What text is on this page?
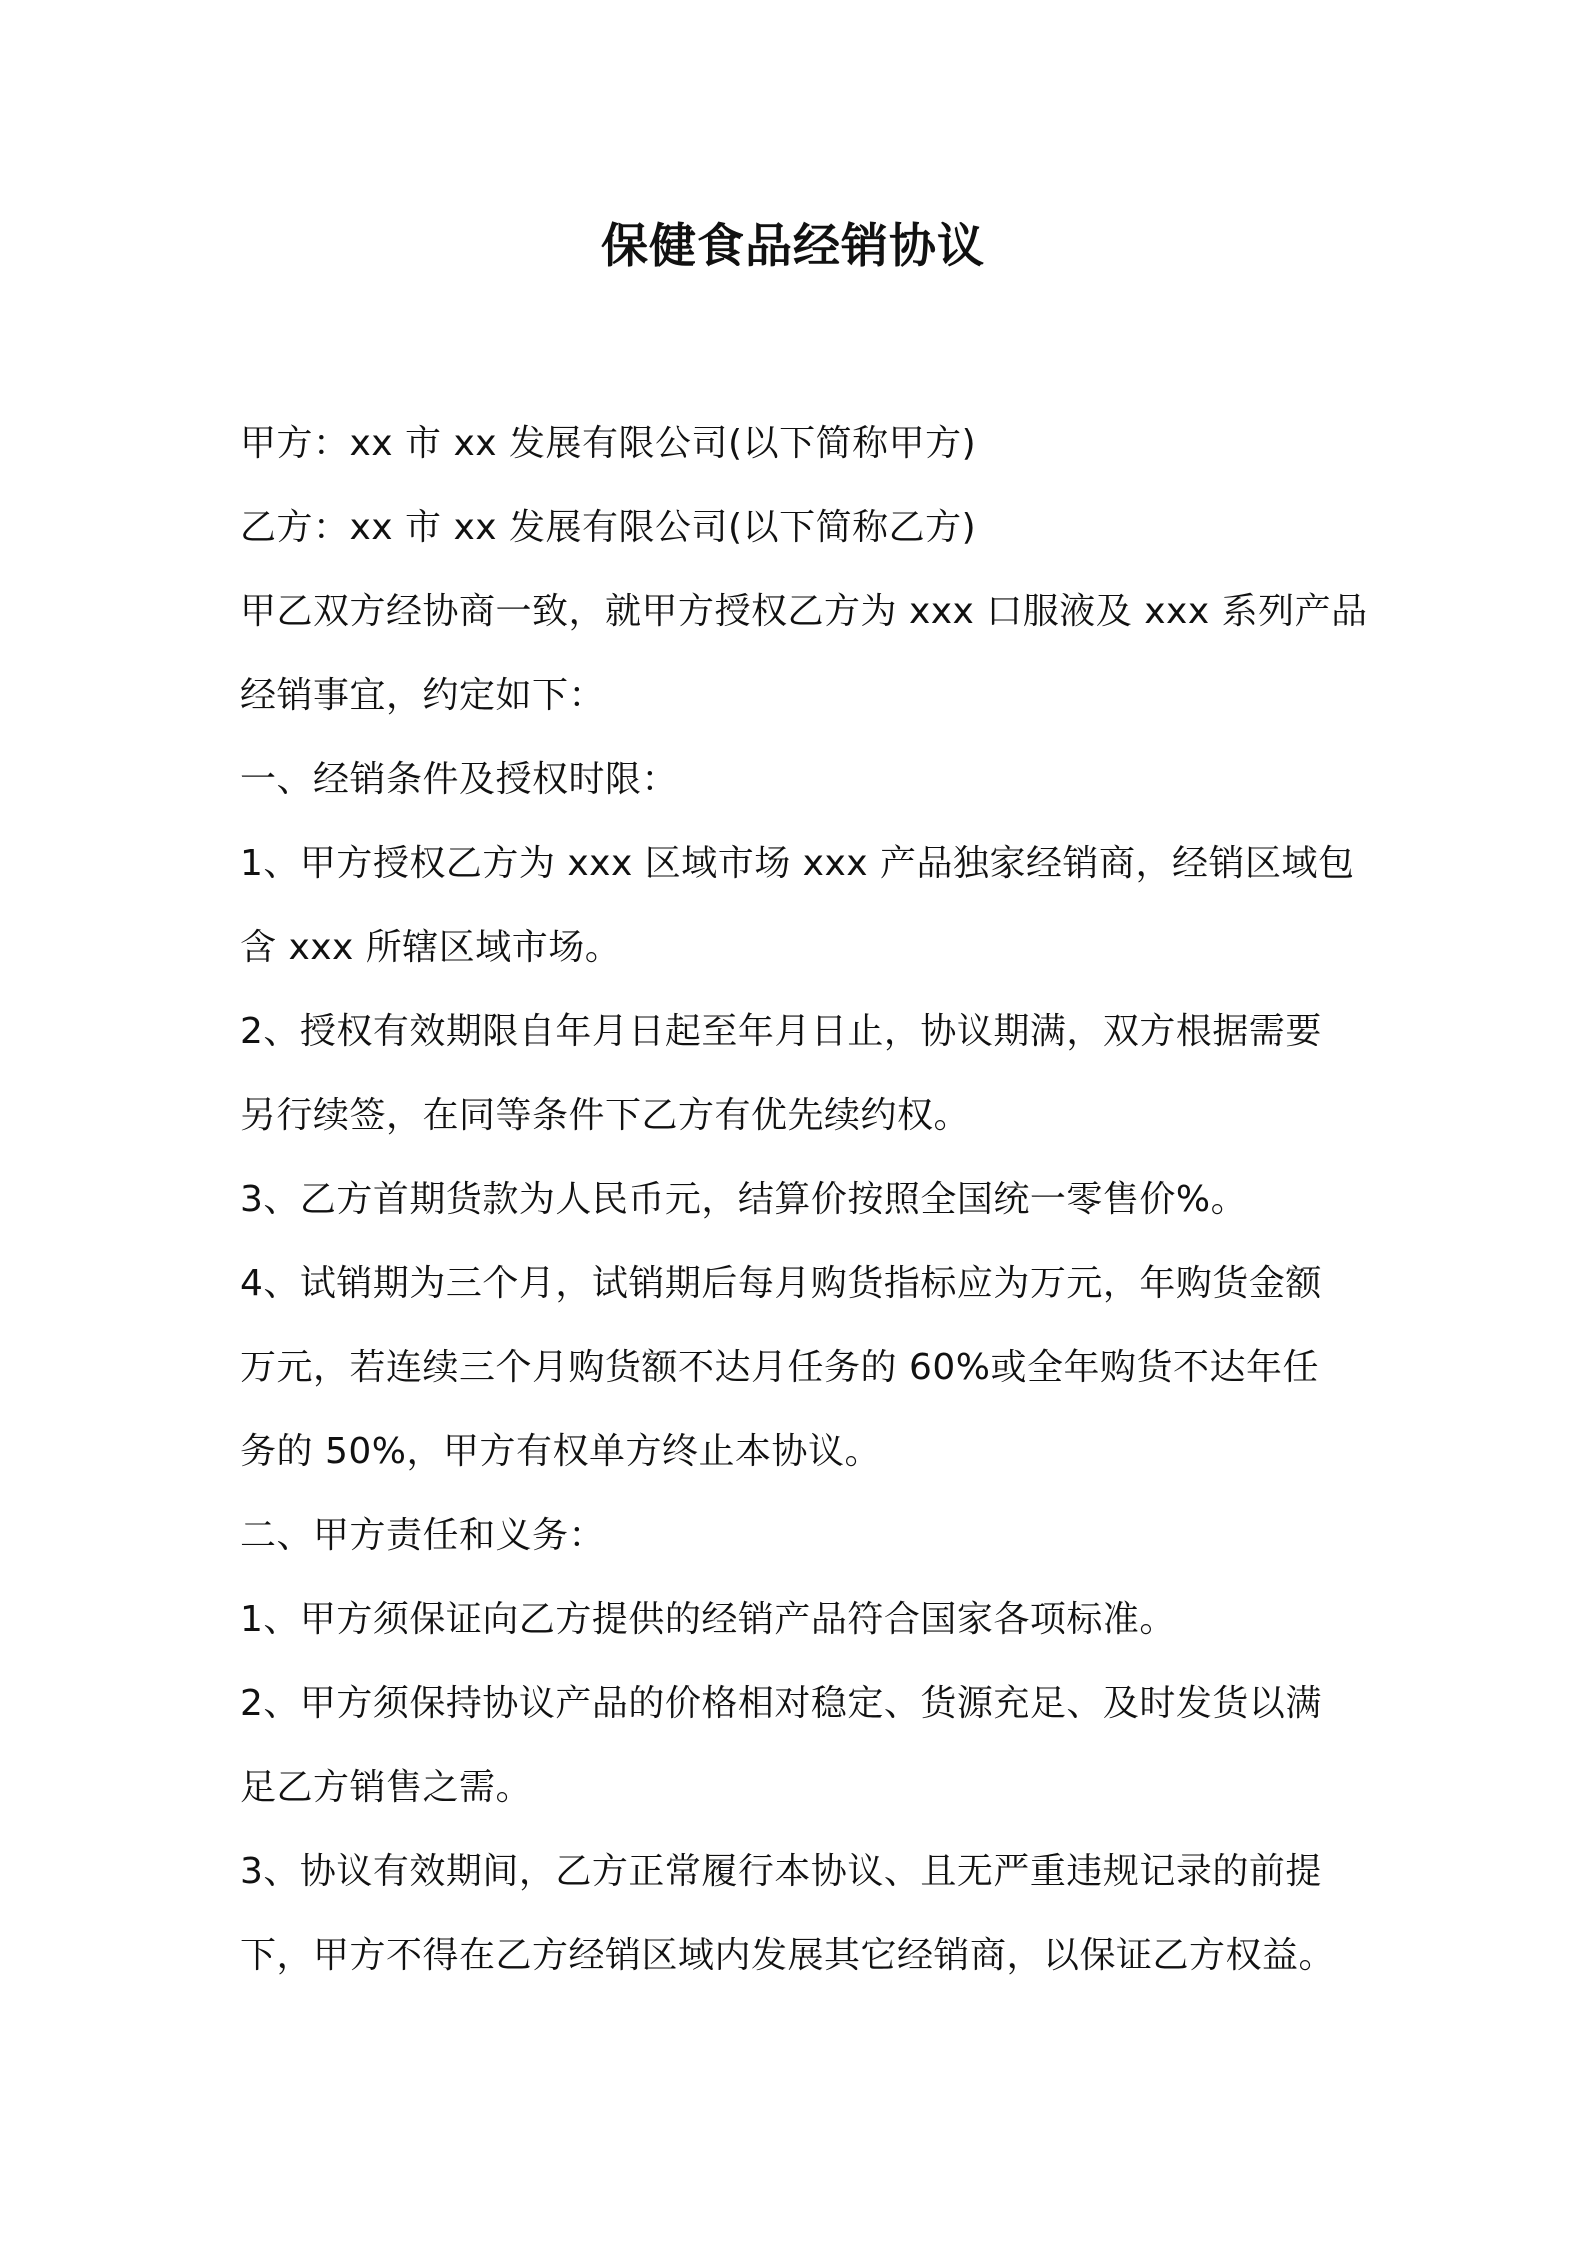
保健食品经销协议
甲方：xx 市 xx 发展有限公司(以下简称甲方)
乙方：xx 市 xx 发展有限公司(以下简称乙方)
甲乙双方经协商一致，就甲方授权乙方为 xxx 口服液及 xxx 系列产品
经销事宜，约定如下：
一、经销条件及授权时限：
1、甲方授权乙方为 xxx 区域市场 xxx 产品独家经销商，经销区域包
含 xxx 所辖区域市场。
2、授权有效期限自年月日起至年月日止，协议期满，双方根据需要
另行续签，在同等条件下乙方有优先续约权。
3、乙方首期货款为人民币元，结算价按照全国统一零售价%。
4、试销期为三个月，试销期后每月购货指标应为万元，年购货金额
万元，若连续三个月购货额不达月任务的 60%或全年购货不达年任
务的 50%，甲方有权单方终止本协议。
二、甲方责任和义务：
1、甲方须保证向乙方提供的经销产品符合国家各项标准。
2、甲方须保持协议产品的价格相对稳定、货源充足、及时发货以满
足乙方销售之需。
3、协议有效期间，乙方正常履行本协议、且无严重违规记录的前提
下，甲方不得在乙方经销区域内发展其它经销商，以保证乙方权益。
